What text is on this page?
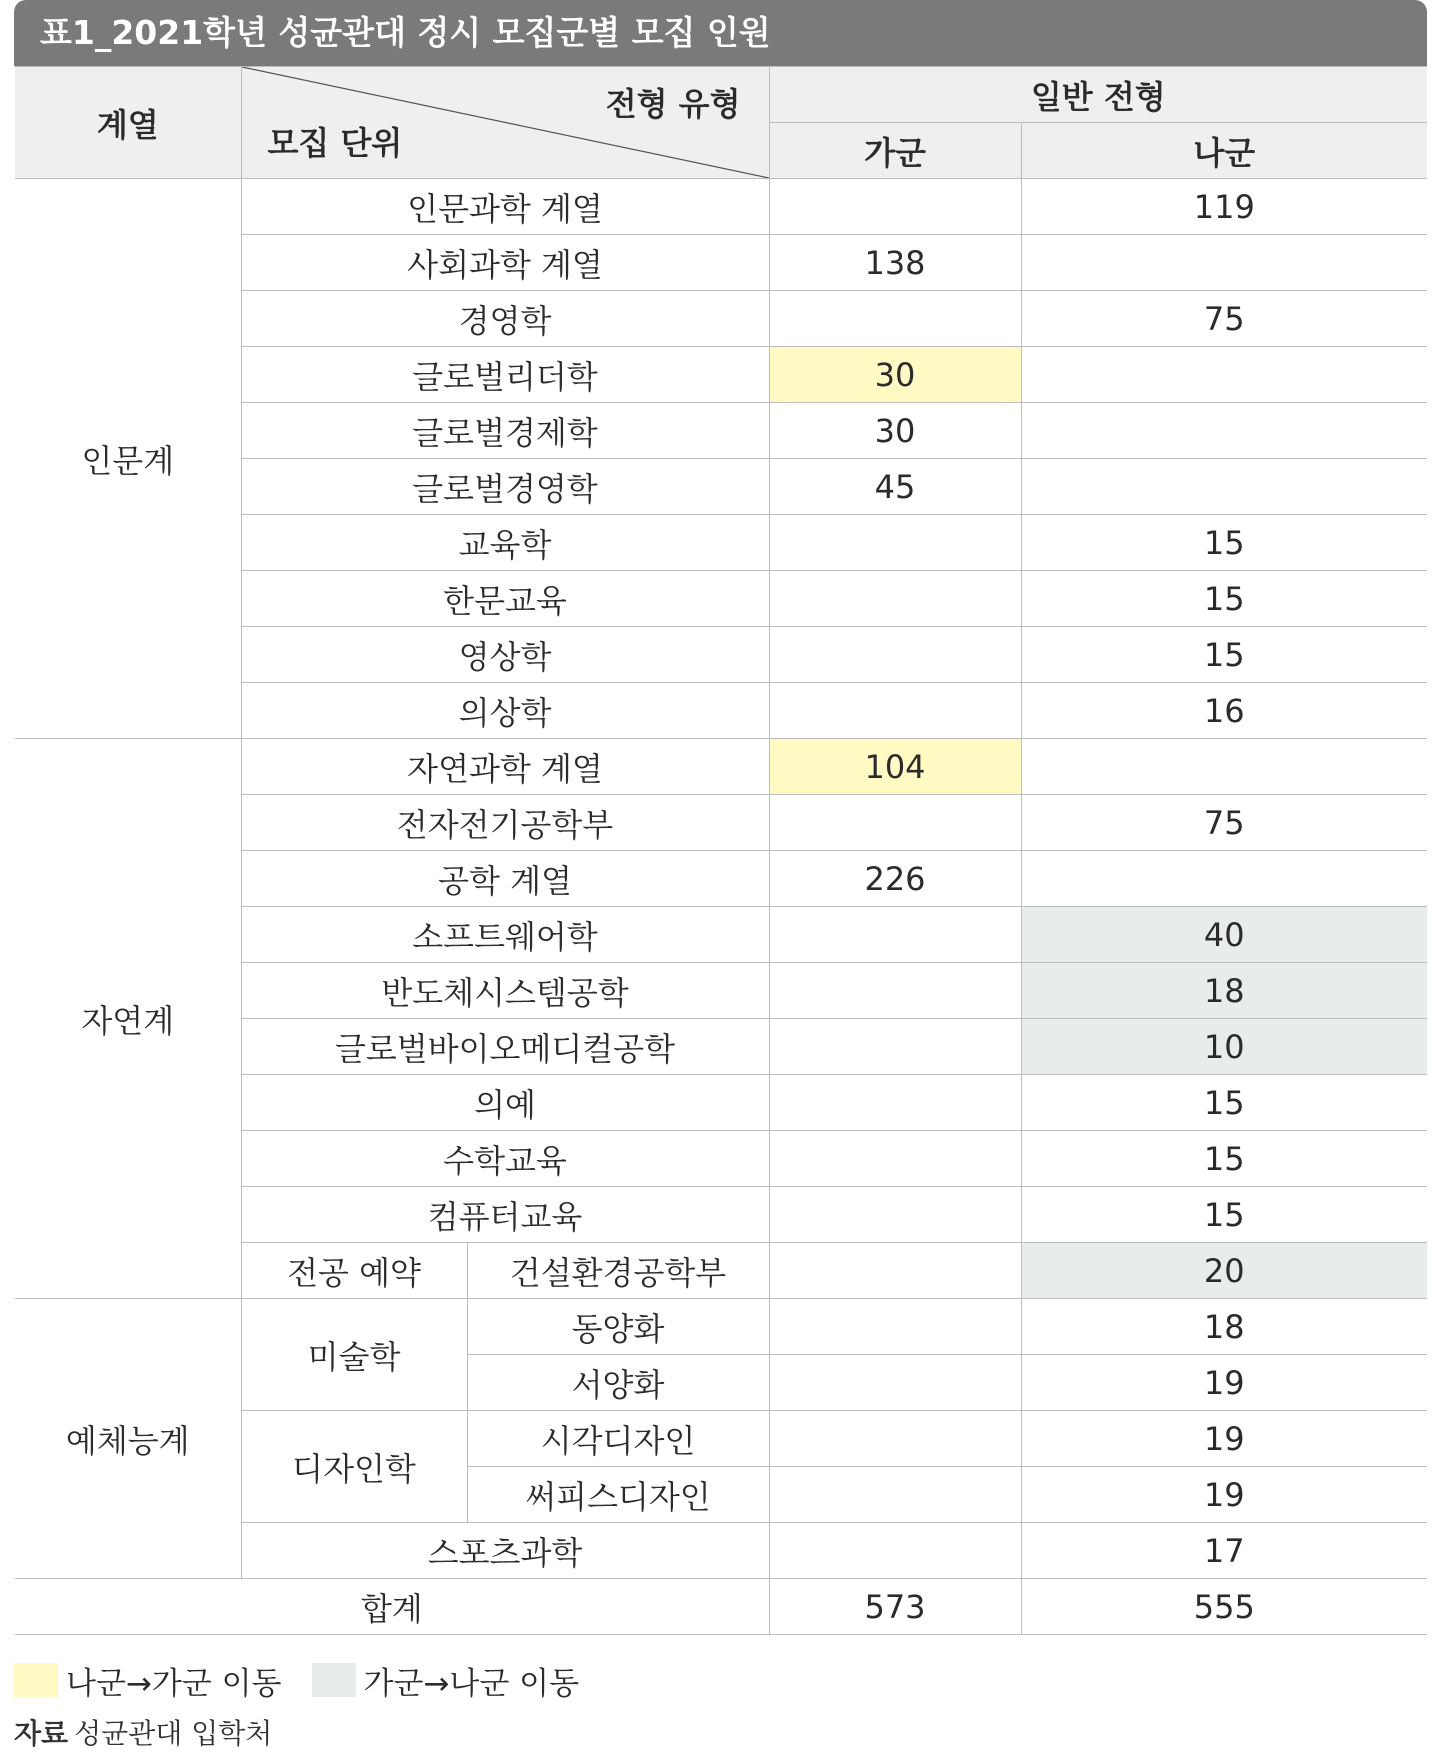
표1_2021학년 성균관대 정시 모집군별 모집 인원
계열	전형 유형
모집 단위		일반 전형	
			가군	나군
인문계	인문과학 계열			119
	사회과학 계열		138	
	경영학			75
	글로벌리더학		30	
	글로벌경제학		30	
	글로벌경영학		45	
	교육학			15
	한문교육			15
	영상학			15
	의상학			16
자연계	자연과학 계열		104	
	전자전기공학부			75
	공학 계열		226	
	소프트웨어학			40
	반도체시스템공학			18
	글로벌바이오메디컬공학			10
	의예			15
	수학교육			15
	컴퓨터교육			15
	전공 예약	건설환경공학부		20
예체능계	미술학	동양화		18
		서양화		19
	디자인학	시각디자인		19
		써피스디자인		19
	스포츠과학			17
합계			573	555
나군→가군 이동	가군→나군 이동
자료 성균관대 입학처
